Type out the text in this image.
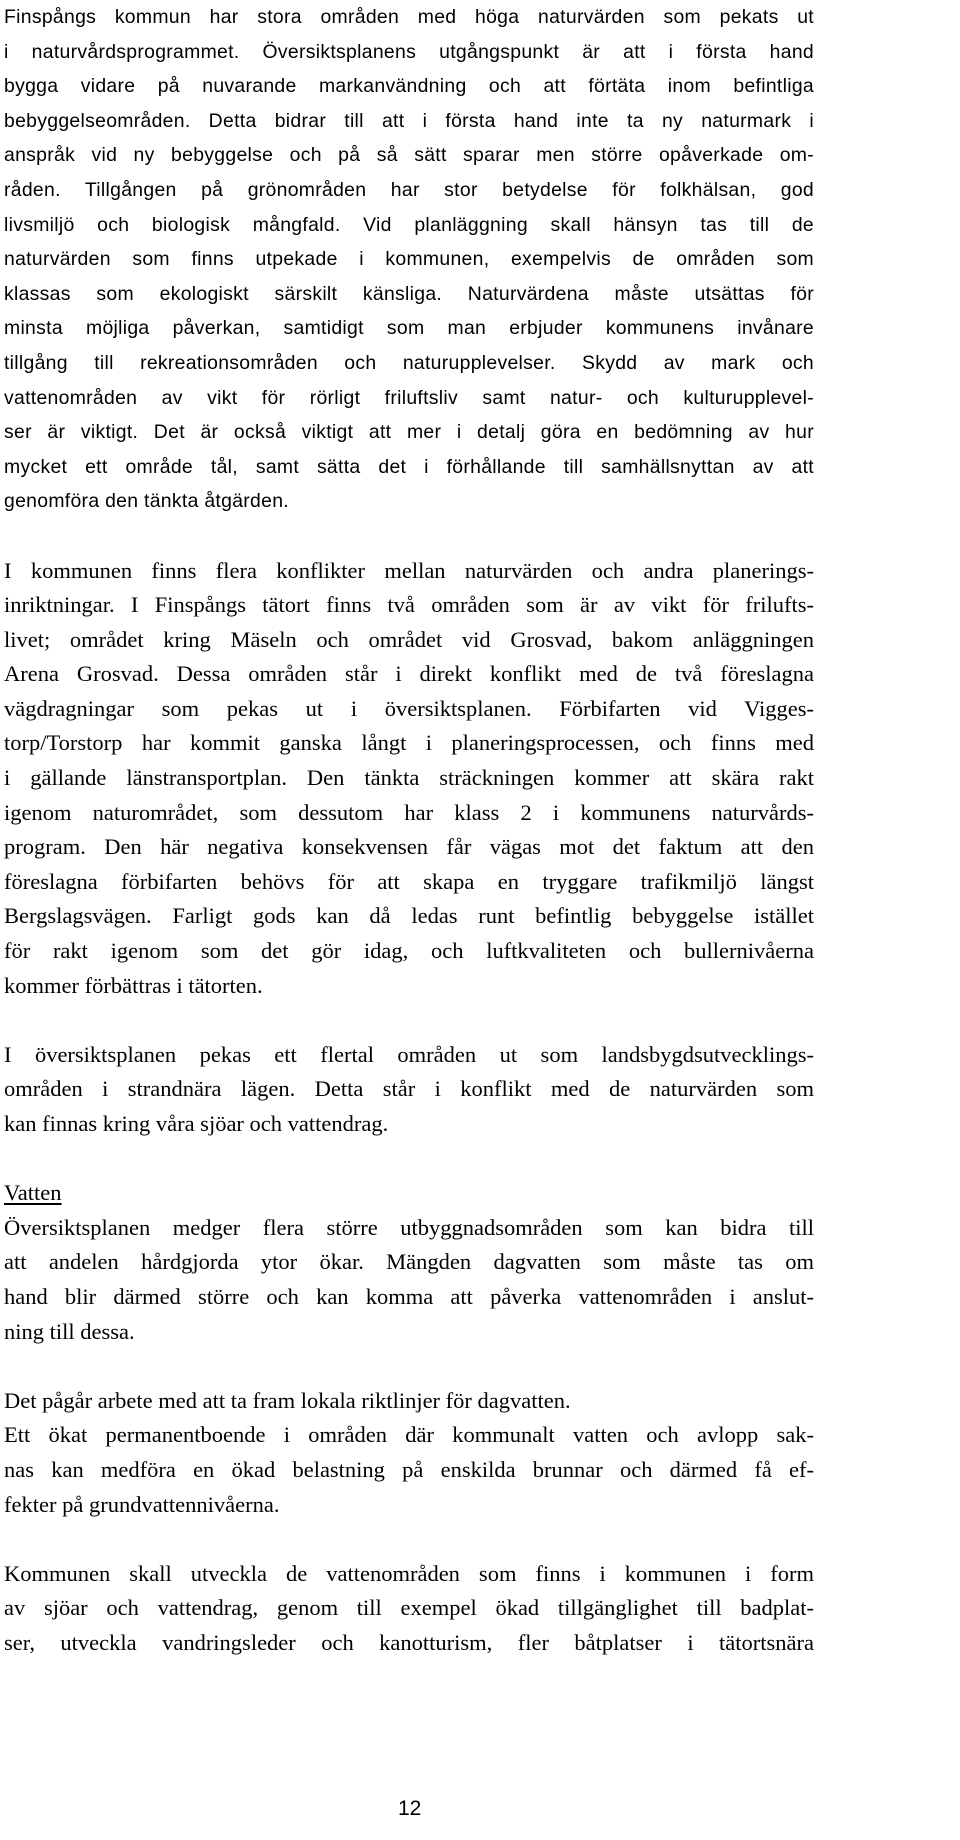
Finspångs kommun har stora områden med höga naturvärden som pekats ut
i naturvårdsprogrammet. Översiktsplanens utgångspunkt är att i första hand
bygga vidare på nuvarande markanvändning och att förtäta inom befintliga
bebyggelseområden. Detta bidrar till att i första hand inte ta ny naturmark i
anspråk vid ny bebyggelse och på så sätt sparar men större opåverkade om-
råden. Tillgången på grönområden har stor betydelse för folkhälsan, god
livsmiljö och biologisk mångfald. Vid planläggning skall hänsyn tas till de
naturvärden som finns utpekade i kommunen, exempelvis de områden som
klassas som ekologiskt särskilt känsliga. Naturvärdena måste utsättas för
minsta möjliga påverkan, samtidigt som man erbjuder kommunens invånare
tillgång till rekreationsområden och naturupplevelser. Skydd av mark och
vattenområden av vikt för rörligt friluftsliv samt natur- och kulturupplevel-
ser är viktigt. Det är också viktigt att mer i detalj göra en bedömning av hur
mycket ett område tål, samt sätta det i förhållande till samhällsnyttan av att
genomföra den tänkta åtgärden.
I kommunen finns flera konflikter mellan naturvärden och andra planerings-
inriktningar. I Finspångs tätort finns två områden som är av vikt för frilufts-
livet; området kring Mäseln och området vid Grosvad, bakom anläggningen
Arena Grosvad. Dessa områden står i direkt konflikt med de två föreslagna
vägdragningar som pekas ut i översiktsplanen. Förbifarten vid Vigges-
torp/Torstorp har kommit ganska långt i planeringsprocessen, och finns med
i gällande länstransportplan. Den tänkta sträckningen kommer att skära rakt
igenom naturområdet, som dessutom har klass 2 i kommunens naturvårds-
program. Den här negativa konsekvensen får vägas mot det faktum att den
föreslagna förbifarten behövs för att skapa en tryggare trafikmiljö längst
Bergslagsvägen. Farligt gods kan då ledas runt befintlig bebyggelse istället
för rakt igenom som det gör idag, och luftkvaliteten och bullernivåerna
kommer förbättras i tätorten.
I översiktsplanen pekas ett flertal områden ut som landsbygdsutvecklings-
områden i strandnära lägen. Detta står i konflikt med de naturvärden som
kan finnas kring våra sjöar och vattendrag.
Vatten
Översiktsplanen medger flera större utbyggnadsområden som kan bidra till
att andelen hårdgjorda ytor ökar. Mängden dagvatten som måste tas om
hand blir därmed större och kan komma att påverka vattenområden i anslut-
ning till dessa.
Det pågår arbete med att ta fram lokala riktlinjer för dagvatten.
Ett ökat permanentboende i områden där kommunalt vatten och avlopp sak-
nas kan medföra en ökad belastning på enskilda brunnar och därmed få ef-
fekter på grundvattennivåerna.
Kommunen skall utveckla de vattenområden som finns i kommunen i form
av sjöar och vattendrag, genom till exempel ökad tillgänglighet till badplat-
ser, utveckla vandringsleder och kanotturism, fler båtplatser i tätortsnära
12
